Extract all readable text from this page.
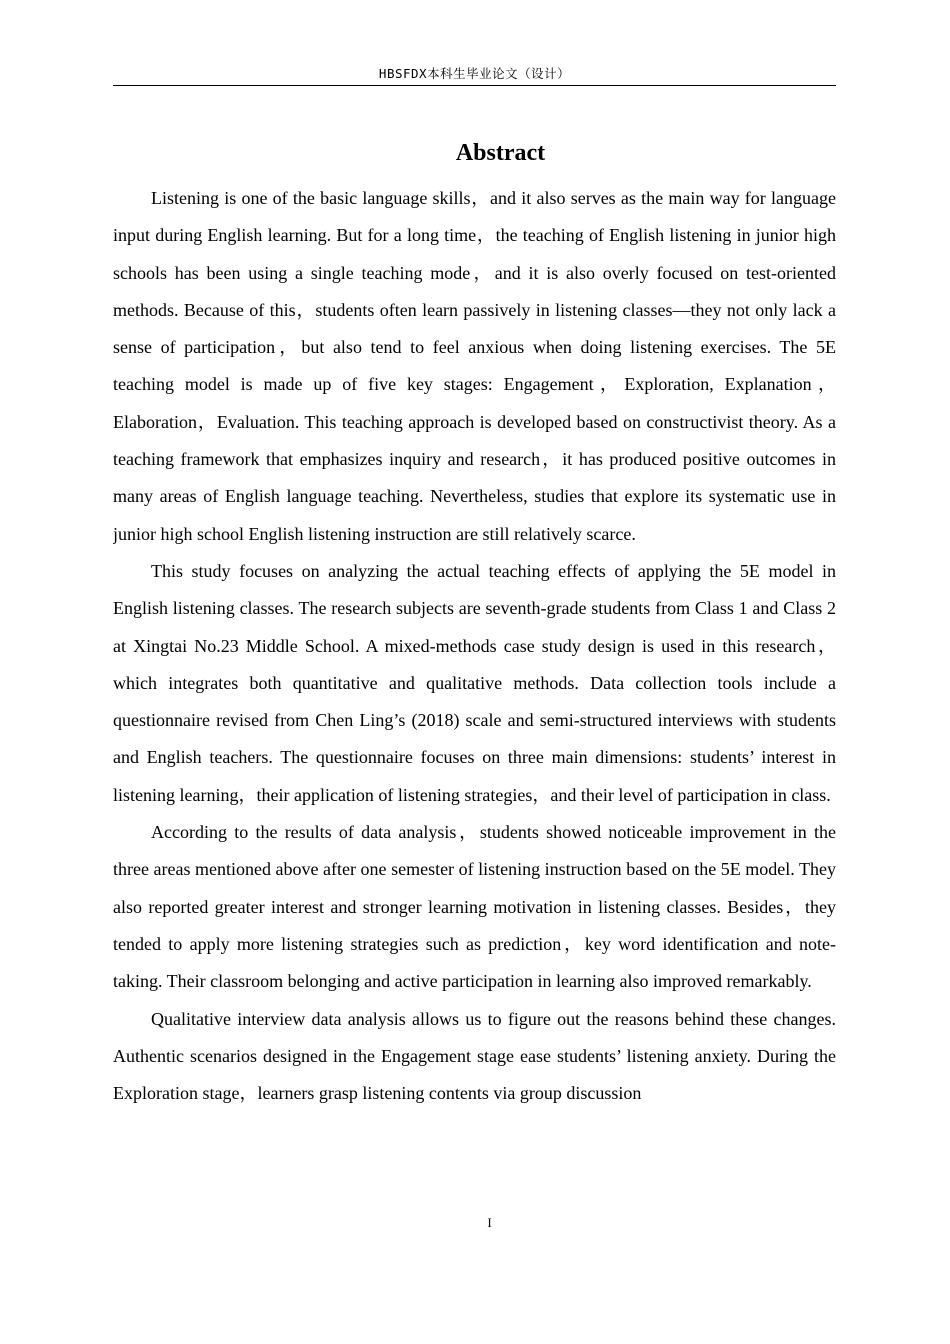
HBSFDX本科生毕业论文（设计）
Abstract

Listening is one of the basic language skills，and it also serves as the main way for language input during English learning. But for a long time，the teaching of English listening in junior high schools has been using a single teaching mode，and it is also overly focused on test-oriented methods. Because of this，students often learn passively in listening classes—they not only lack a sense of participation，but also tend to feel anxious when doing listening exercises. The 5E teaching model is made up of five key stages: Engagement，Exploration, Explanation，Elaboration，Evaluation. This teaching approach is developed based on constructivist theory. As a teaching framework that emphasizes inquiry and research，it has produced positive outcomes in many areas of English language teaching. Nevertheless, studies that explore its systematic use in junior high school English listening instruction are still relatively scarce.

This study focuses on analyzing the actual teaching effects of applying the 5E model in English listening classes. The research subjects are seventh-grade students from Class 1 and Class 2 at Xingtai No.23 Middle School. A mixed-methods case study design is used in this research，which integrates both quantitative and qualitative methods. Data collection tools include a questionnaire revised from Chen Ling’s (2018) scale and semi-structured interviews with students and English teachers. The questionnaire focuses on three main dimensions: students’ interest in listening learning，their application of listening strategies，and their level of participation in class.

According to the results of data analysis，students showed noticeable improvement in the three areas mentioned above after one semester of listening instruction based on the 5E model. They also reported greater interest and stronger learning motivation in listening classes. Besides，they tended to apply more listening strategies such as prediction，key word identification and note-taking. Their classroom belonging and active participation in learning also improved remarkably.

Qualitative interview data analysis allows us to figure out the reasons behind these changes. Authentic scenarios designed in the Engagement stage ease students’ listening anxiety. During the Exploration stage，learners grasp listening contents via group discussion

I
